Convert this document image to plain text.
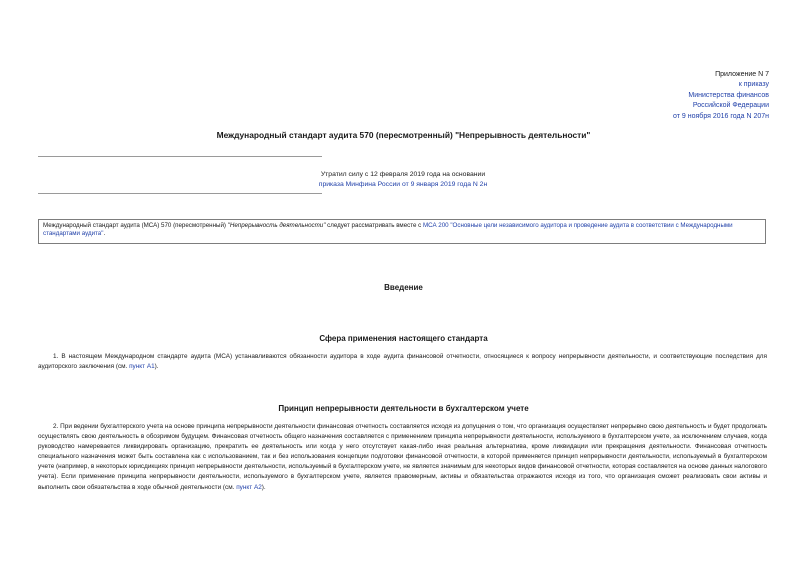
Приложение N 7
к приказу
Министерства финансов
Российской Федерации
от 9 ноября 2016 года N 207н
Международный стандарт аудита 570 (пересмотренный) "Непрерывность деятельности"
Утратил силу с 12 февраля 2019 года на основании
приказа Минфина России от 9 января 2019 года N 2н
Международный стандарт аудита (МСА) 570 (пересмотренный) "Непрерывность деятельности" следует рассматривать вместе с МСА 200 "Основные цели независимого аудитора и проведение аудита в соответствии с Международными стандартами аудита".
Введение
Сфера применения настоящего стандарта
1. В настоящем Международном стандарте аудита (МСА) устанавливаются обязанности аудитора в ходе аудита финансовой отчетности, относящиеся к вопросу непрерывности деятельности, и соответствующие последствия для аудиторского заключения (см. пункт A1).
Принцип непрерывности деятельности в бухгалтерском учете
2. При ведении бухгалтерского учета на основе принципа непрерывности деятельности финансовая отчетность составляется исходя из допущения о том, что организация осуществляет непрерывно свою деятельность и будет продолжать осуществлять свою деятельность в обозримом будущем. Финансовая отчетность общего назначения составляется с применением принципа непрерывности деятельности, используемого в бухгалтерском учете, за исключением случаев, когда руководство намеревается ликвидировать организацию, прекратить ее деятельность или когда у него отсутствует какая-либо иная реальная альтернатива, кроме ликвидации или прекращения деятельности. Финансовая отчетность специального назначения может быть составлена как с использованием, так и без использования концепции подготовки финансовой отчетности, в которой применяется принцип непрерывности деятельности, используемый в бухгалтерском учете (например, в некоторых юрисдикциях принцип непрерывности деятельности, используемый в бухгалтерском учете, не является значимым для некоторых видов финансовой отчетности, которая составляется на основе данных налогового учета). Если применение принципа непрерывности деятельности, используемого в бухгалтерском учете, является правомерным, активы и обязательства отражаются исходя из того, что организация сможет реализовать свои активы и выполнить свои обязательства в ходе обычной деятельности (см. пункт A2).
